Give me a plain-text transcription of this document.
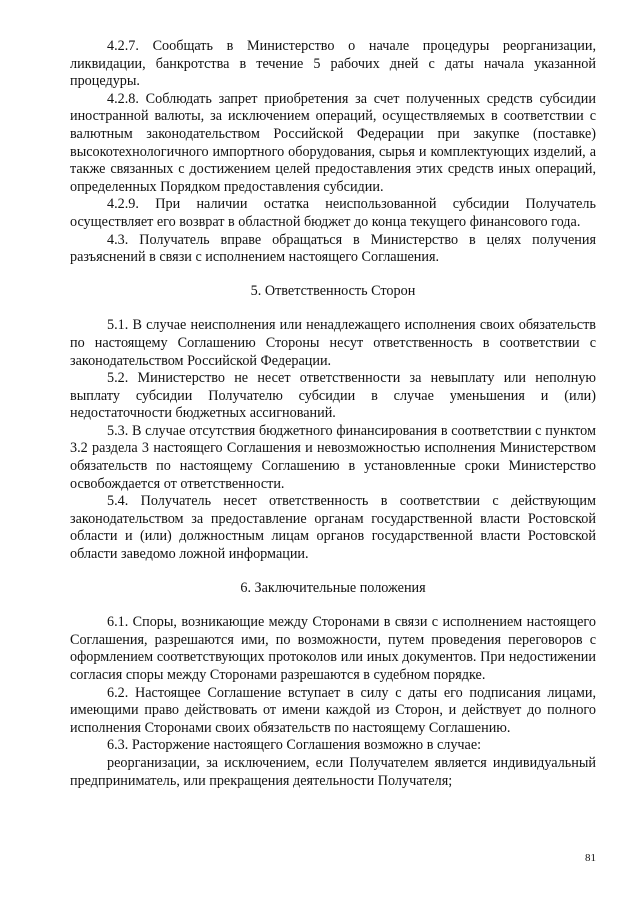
4.2.7. Сообщать в Министерство о начале процедуры реорганизации, ликвидации, банкротства в течение 5 рабочих дней с даты начала указанной процедуры.

4.2.8. Соблюдать запрет приобретения за счет полученных средств субсидии иностранной валюты, за исключением операций, осуществляемых в соответствии с валютным законодательством Российской Федерации при закупке (поставке) высокотехнологичного импортного оборудования, сырья и комплектующих изделий, а также связанных с достижением целей предоставления этих средств иных операций, определенных Порядком предоставления субсидии.

4.2.9. При наличии остатка неиспользованной субсидии Получатель осуществляет его возврат в областной бюджет до конца текущего финансового года.

4.3. Получатель вправе обращаться в Министерство в целях получения разъяснений в связи с исполнением настоящего Соглашения.

5. Ответственность Сторон

5.1. В случае неисполнения или ненадлежащего исполнения своих обязательств по настоящему Соглашению Стороны несут ответственность в соответствии с законодательством Российской Федерации.

5.2. Министерство не несет ответственности за невыплату или неполную выплату субсидии Получателю субсидии в случае уменьшения и (или) недостаточности бюджетных ассигнований.

5.3. В случае отсутствия бюджетного финансирования в соответствии с пунктом 3.2 раздела 3 настоящего Соглашения и невозможностью исполнения Министерством обязательств по настоящему Соглашению в установленные сроки Министерство освобождается от ответственности.

5.4. Получатель несет ответственность в соответствии с действующим законодательством за предоставление органам государственной власти Ростовской области и (или) должностным лицам органов государственной власти Ростовской области заведомо ложной информации.

6. Заключительные положения

6.1. Споры, возникающие между Сторонами в связи с исполнением настоящего Соглашения, разрешаются ими, по возможности, путем проведения переговоров с оформлением соответствующих протоколов или иных документов. При недостижении согласия споры между Сторонами разрешаются в судебном порядке.

6.2. Настоящее Соглашение вступает в силу с даты его подписания лицами, имеющими право действовать от имени каждой из Сторон, и действует до полного исполнения Сторонами своих обязательств по настоящему Соглашению.

6.3. Расторжение настоящего Соглашения возможно в случае:

реорганизации, за исключением, если Получателем является индивидуальный предприниматель, или прекращения деятельности Получателя;

81
